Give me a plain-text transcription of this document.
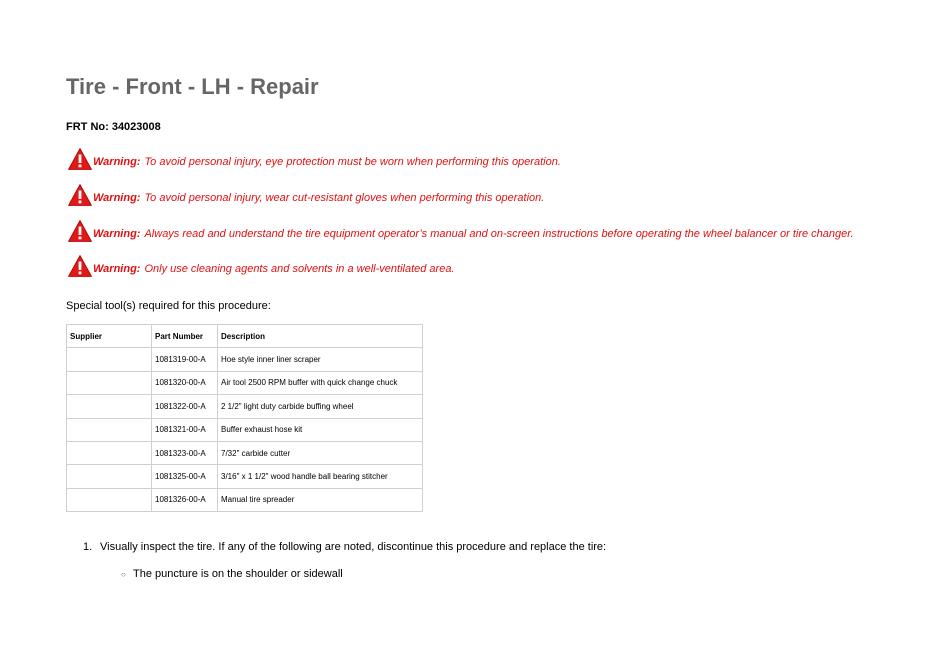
Tire - Front - LH - Repair
FRT No: 34023008
Warning: To avoid personal injury, eye protection must be worn when performing this operation.
Warning: To avoid personal injury, wear cut-resistant gloves when performing this operation.
Warning: Always read and understand the tire equipment operator’s manual and on-screen instructions before operating the wheel balancer or tire changer.
Warning: Only use cleaning agents and solvents in a well-ventilated area.
Special tool(s) required for this procedure:
Supplier	Part Number	Description
	1081319-00-A	Hoe style inner liner scraper
	1081320-00-A	Air tool 2500 RPM buffer with quick change chuck
	1081322-00-A	2 1/2" light duty carbide buffing wheel
	1081321-00-A	Buffer exhaust hose kit
	1081323-00-A	7/32" carbide cutter
	1081325-00-A	3/16" x 1 1/2" wood handle ball bearing stitcher
	1081326-00-A	Manual tire spreader
1. Visually inspect the tire. If any of the following are noted, discontinue this procedure and replace the tire:
○ The puncture is on the shoulder or sidewall
